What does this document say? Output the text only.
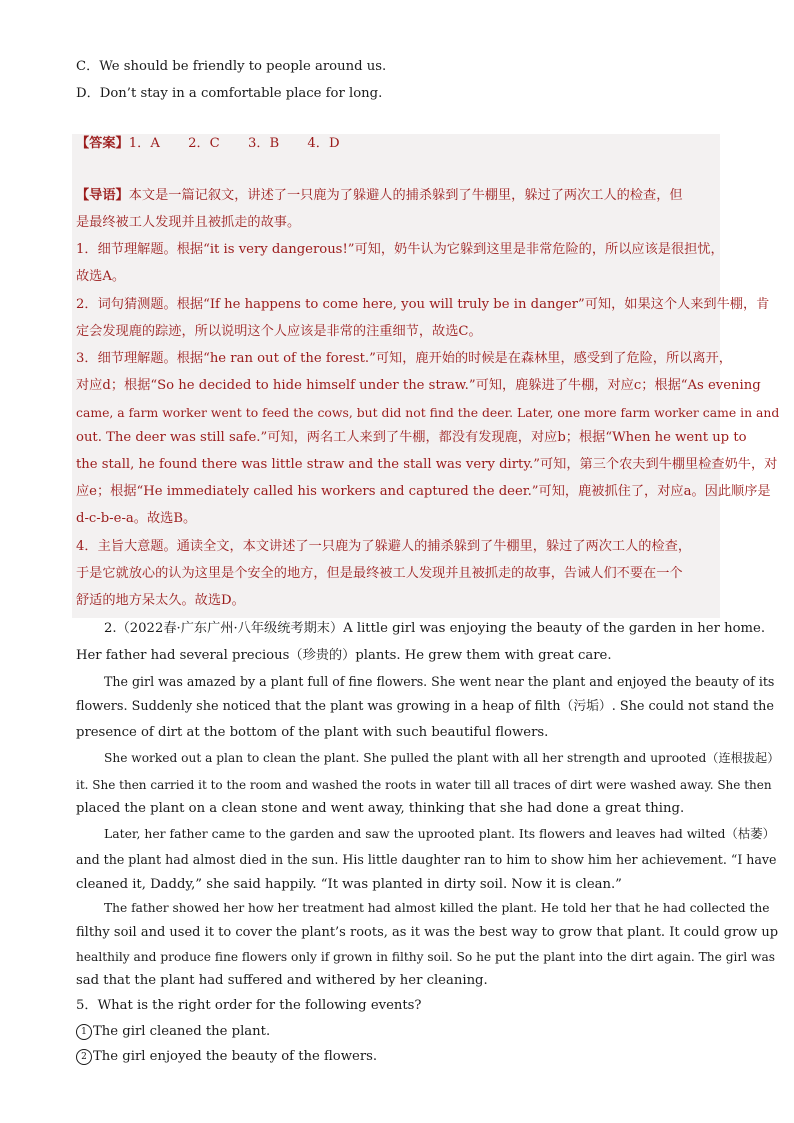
C．We should be friendly to people around us.
D．Don’t stay in a comfortable place for long.
【答案】1．A 2．C 3．B 4．D
【导语】本文是一篇记叙文，讲述了一只鹿为了躲避人的捕杀躲到了牛棚里，躲过了两次工人的检查，但
是最终被工人发现并且被抓走的故事。
1．细节理解题。根据“it is very dangerous!”可知，奶牛认为它躲到这里是非常危险的，所以应该是很担忧，
故选A。
2．词句猜测题。根据“If he happens to come here, you will truly be in danger”可知，如果这个人来到牛棚，肯
定会发现鹿的踪迹，所以说明这个人应该是非常的注重细节，故选C。
3．细节理解题。根据“he ran out of the forest.”可知，鹿开始的时候是在森林里，感受到了危险，所以离开，
对应d；根据“So he decided to hide himself under the straw.”可知，鹿躲进了牛棚，对应c；根据“As evening
came, a farm worker went to feed the cows, but did not find the deer. Later, one more farm worker came in and
out. The deer was still safe.”可知，两名工人来到了牛棚，都没有发现鹿，对应b；根据“When he went up to
the stall, he found there was little straw and the stall was very dirty.”可知，第三个农夫到牛棚里检查奶牛，对
应e；根据“He immediately called his workers and captured the deer.”可知，鹿被抓住了，对应a。因此顺序是
d-c-b-e-a。故选B。
4．主旨大意题。通读全文，本文讲述了一只鹿为了躲避人的捕杀躲到了牛棚里，躲过了两次工人的检查，
于是它就放心的认为这里是个安全的地方，但是最终被工人发现并且被抓走的故事，告诫人们不要在一个
舒适的地方呆太久。故选D。
2.（2022春·广东广州·八年级统考期末）A little girl was enjoying the beauty of the garden in her home.
Her father had several precious（珍贵的）plants. He grew them with great care.
The girl was amazed by a plant full of fine flowers. She went near the plant and enjoyed the beauty of its
flowers. Suddenly she noticed that the plant was growing in a heap of filth（污垢）. She could not stand the
presence of dirt at the bottom of the plant with such beautiful flowers.
She worked out a plan to clean the plant. She pulled the plant with all her strength and uprooted（连根拔起）
it. She then carried it to the room and washed the roots in water till all traces of dirt were washed away. She then
placed the plant on a clean stone and went away, thinking that she had done a great thing.
Later, her father came to the garden and saw the uprooted plant. Its flowers and leaves had wilted（枯萎）
and the plant had almost died in the sun. His little daughter ran to him to show him her achievement. “I have
cleaned it, Daddy,” she said happily. “It was planted in dirty soil. Now it is clean.”
The father showed her how her treatment had almost killed the plant. He told her that he had collected the
filthy soil and used it to cover the plant’s roots, as it was the best way to grow that plant. It could grow up
healthily and produce fine flowers only if grown in filthy soil. So he put the plant into the dirt again. The girl was
sad that the plant had suffered and withered by her cleaning.
5．What is the right order for the following events?
1 The girl cleaned the plant.
2 The girl enjoyed the beauty of the flowers.
